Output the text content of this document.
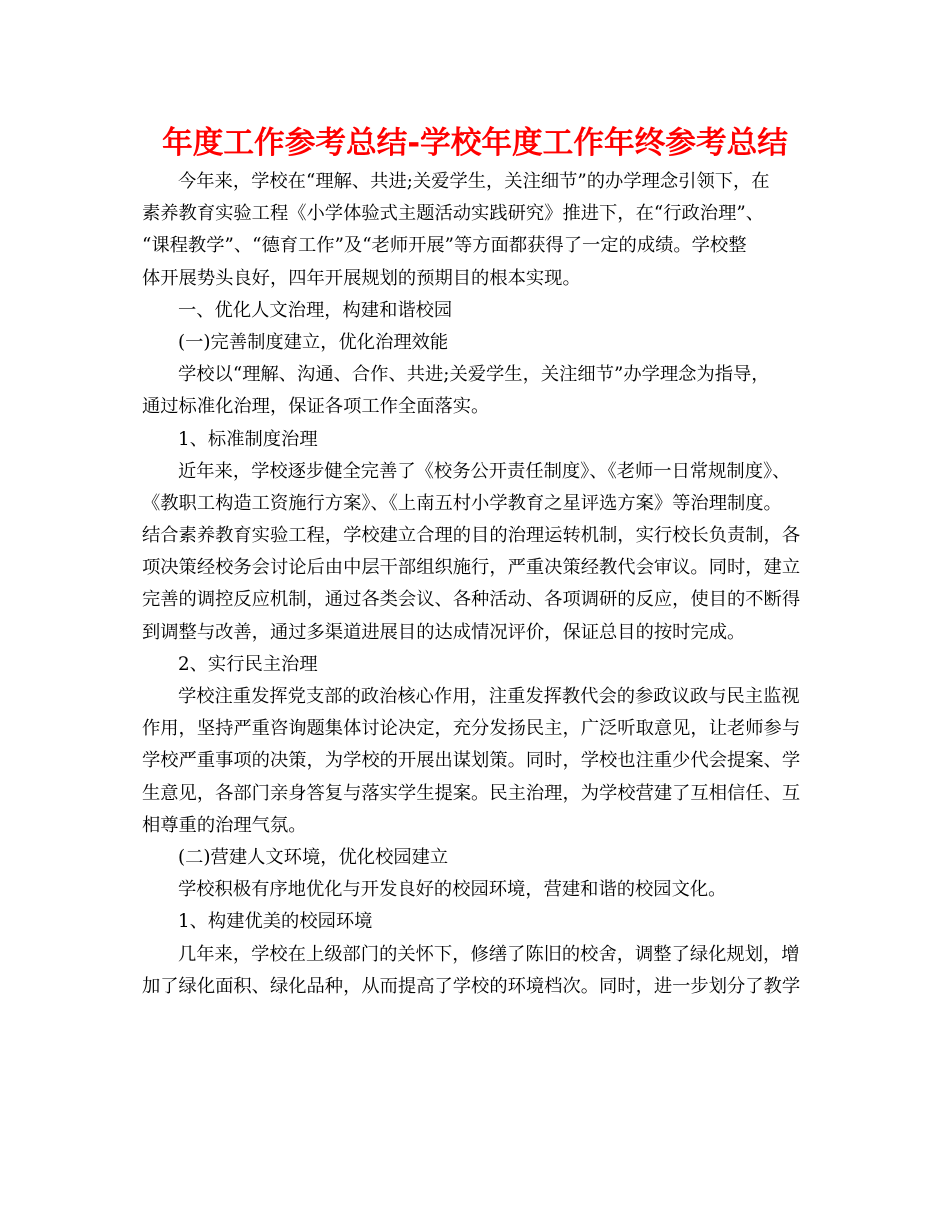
年度工作参考总结-学校年度工作年终参考总结
今年来，学校在“理解、共进;关爱学生，关注细节”的办学理念引领下，在
素养教育实验工程《小学体验式主题活动实践研究》推进下，在“行政治理”、
“课程教学”、“德育工作”及“老师开展”等方面都获得了一定的成绩。学校整
体开展势头良好，四年开展规划的预期目的根本实现。
一、优化人文治理，构建和谐校园
(一)完善制度建立，优化治理效能
学校以“理解、沟通、合作、共进;关爱学生，关注细节”办学理念为指导，
通过标准化治理，保证各项工作全面落实。
1、标准制度治理
近年来，学校逐步健全完善了《校务公开责任制度》、《老师一日常规制度》、
《教职工构造工资施行方案》、《上南五村小学教育之星评选方案》等治理制度。
结合素养教育实验工程，学校建立合理的目的治理运转机制，实行校长负责制，各
项决策经校务会讨论后由中层干部组织施行，严重决策经教代会审议。同时，建立
完善的调控反应机制，通过各类会议、各种活动、各项调研的反应，使目的不断得
到调整与改善，通过多渠道进展目的达成情况评价，保证总目的按时完成。
2、实行民主治理
学校注重发挥党支部的政治核心作用，注重发挥教代会的参政议政与民主监视
作用，坚持严重咨询题集体讨论决定，充分发扬民主，广泛听取意见，让老师参与
学校严重事项的决策，为学校的开展出谋划策。同时，学校也注重少代会提案、学
生意见，各部门亲身答复与落实学生提案。民主治理，为学校营建了互相信任、互
相尊重的治理气氛。
(二)营建人文环境，优化校园建立
学校积极有序地优化与开发良好的校园环境，营建和谐的校园文化。
1、构建优美的校园环境
几年来，学校在上级部门的关怀下，修缮了陈旧的校舍，调整了绿化规划，增
加了绿化面积、绿化品种，从而提高了学校的环境档次。同时，进一步划分了教学
